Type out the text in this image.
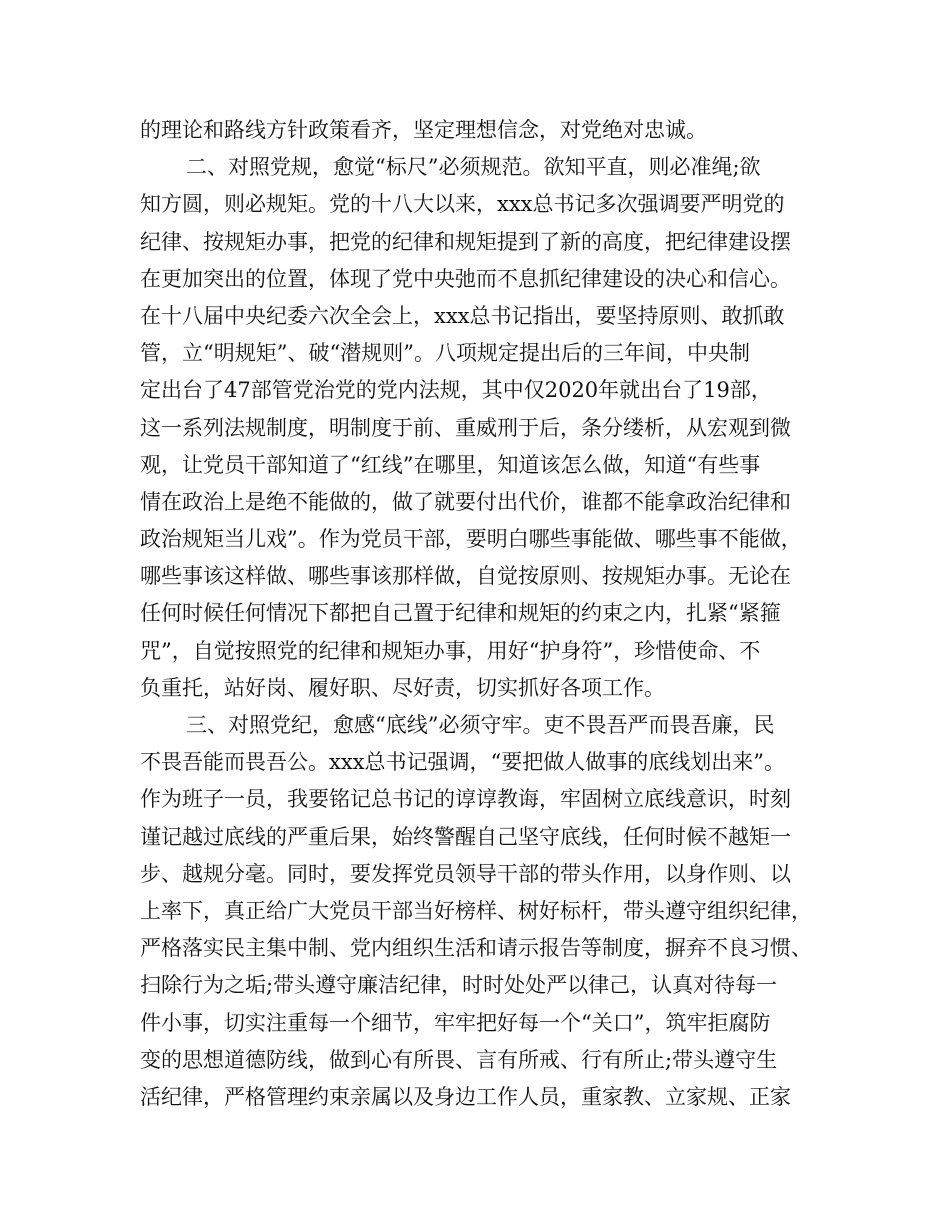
的理论和路线方针政策看齐，坚定理想信念，对党绝对忠诚。
二、对照党规，愈觉“标尺”必须规范。欲知平直，则必准绳;欲
知方圆，则必规矩。党的十八大以来，xxx总书记多次强调要严明党的
纪律、按规矩办事，把党的纪律和规矩提到了新的高度，把纪律建设摆
在更加突出的位置，体现了党中央弛而不息抓纪律建设的决心和信心。
在十八届中央纪委六次全会上，xxx总书记指出，要坚持原则、敢抓敢
管，立“明规矩”、破“潜规则”。八项规定提出后的三年间，中央制
定出台了47部管党治党的党内法规，其中仅2020年就出台了19部，
这一系列法规制度，明制度于前、重威刑于后，条分缕析，从宏观到微
观，让党员干部知道了“红线”在哪里，知道该怎么做，知道“有些事
情在政治上是绝不能做的，做了就要付出代价，谁都不能拿政治纪律和
政治规矩当儿戏”。作为党员干部，要明白哪些事能做、哪些事不能做，
哪些事该这样做、哪些事该那样做，自觉按原则、按规矩办事。无论在
任何时候任何情况下都把自己置于纪律和规矩的约束之内，扎紧“紧箍
咒”，自觉按照党的纪律和规矩办事，用好“护身符”，珍惜使命、不
负重托，站好岗、履好职、尽好责，切实抓好各项工作。
三、对照党纪，愈感“底线”必须守牢。吏不畏吾严而畏吾廉，民
不畏吾能而畏吾公。xxx总书记强调，“要把做人做事的底线划出来”。
作为班子一员，我要铭记总书记的谆谆教诲，牢固树立底线意识，时刻
谨记越过底线的严重后果，始终警醒自己坚守底线，任何时候不越矩一
步、越规分毫。同时，要发挥党员领导干部的带头作用，以身作则、以
上率下，真正给广大党员干部当好榜样、树好标杆，带头遵守组织纪律，
严格落实民主集中制、党内组织生活和请示报告等制度，摒弃不良习惯、
扫除行为之垢;带头遵守廉洁纪律，时时处处严以律己，认真对待每一
件小事，切实注重每一个细节，牢牢把好每一个“关口”，筑牢拒腐防
变的思想道德防线，做到心有所畏、言有所戒、行有所止;带头遵守生
活纪律，严格管理约束亲属以及身边工作人员，重家教、立家规、正家
